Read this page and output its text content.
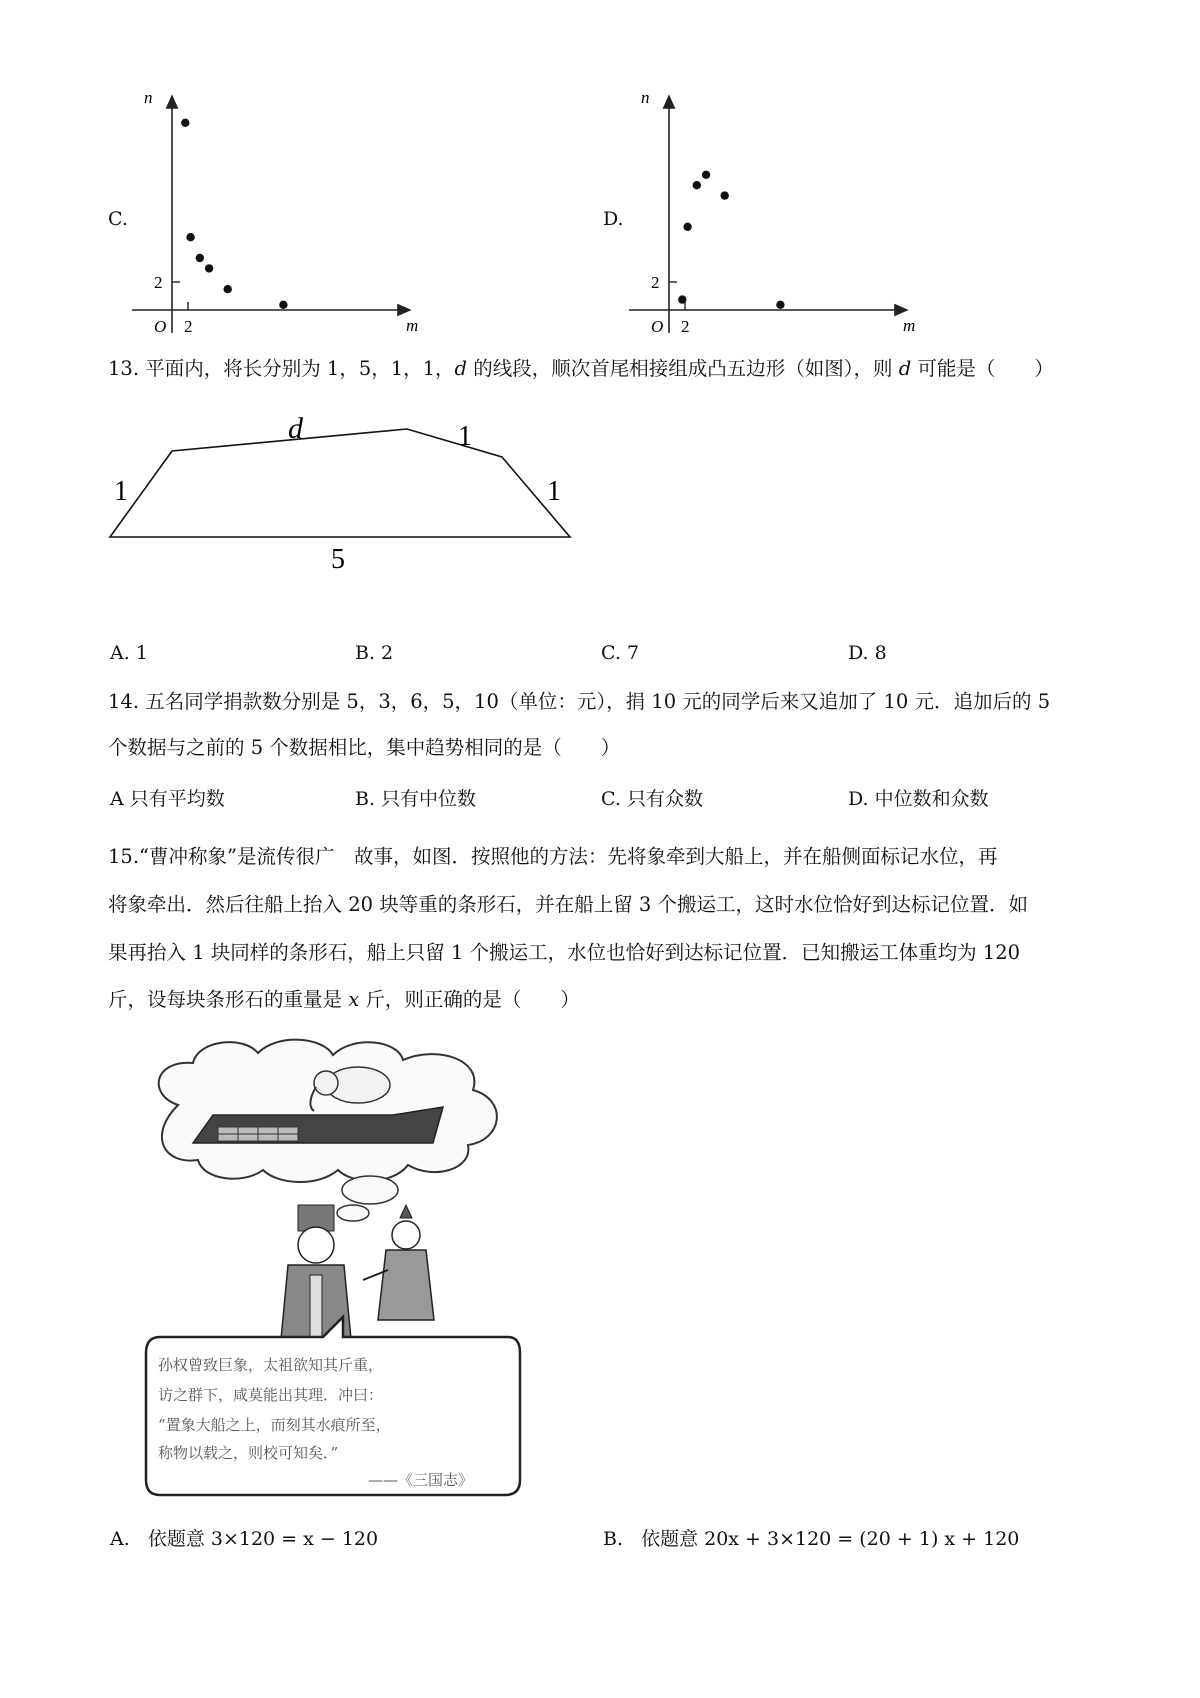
C.
n
m
O 2
2
D.
n
m
O 2
2
13. 平面内，将长分别为 1，5，1，1，d 的线段，顺次首尾相接组成凸五边形（如图），则 d 可能是（　　）
d	1
1	1
5
A. 1	B. 2	C. 7	D. 8
14. 五名同学捐款数分别是 5，3，6，5，10（单位：元），捐 10 元的同学后来又追加了 10 元．追加后的 5
个数据与之前的 5 个数据相比，集中趋势相同的是（　　）
A 只有平均数	B. 只有中位数	C. 只有众数	D. 中位数和众数
15.“曹冲称象”是流传很广　故事，如图．按照他的方法：先将象牵到大船上，并在船侧面标记水位，再
将象牵出．然后往船上抬入 20 块等重的条形石，并在船上留 3 个搬运工，这时水位恰好到达标记位置．如
果再抬入 1 块同样的条形石，船上只留 1 个搬运工，水位也恰好到达标记位置．已知搬运工体重均为 120
斤，设每块条形石的重量是 x 斤，则正确的是（　　）
孙权曾致巨象，太祖欲知其斤重，
访之群下，咸莫能出其理．冲曰：
“置象大船之上，而刻其水痕所至，
称物以载之，则校可知矣．”
——《三国志》
A. 依题意 3×120 = x − 120	B. 依题意 20x + 3×120 = (20 + 1) x + 120
